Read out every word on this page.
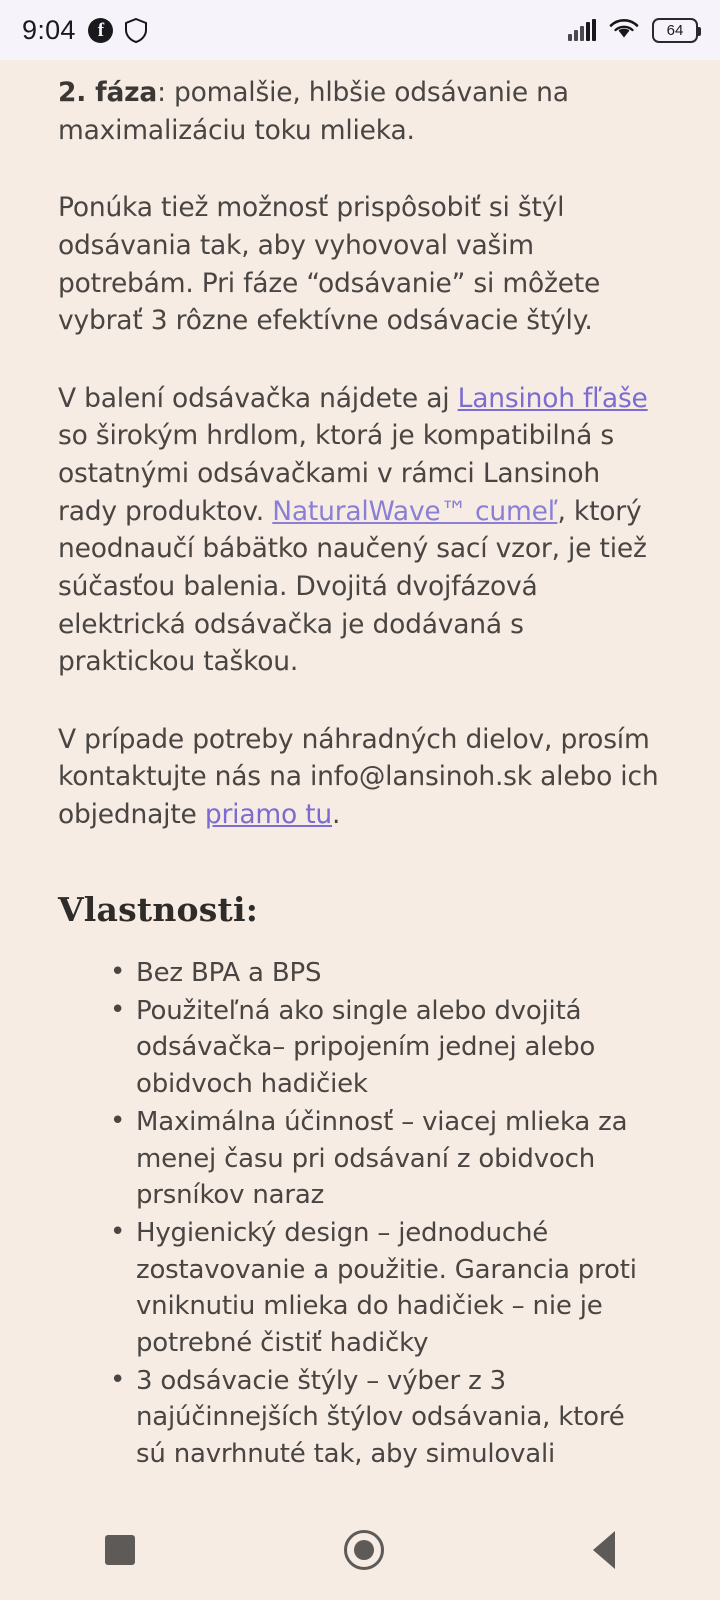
9:04 f	64

2. fáza: pomalšie, hlbšie odsávanie na maximalizáciu toku mlieka.

Ponúka tiež možnosť prispôsobiť si štýl odsávania tak, aby vyhovoval vašim potrebám. Pri fáze “odsávanie” si môžete vybrať 3 rôzne efektívne odsávacie štýly.

V balení odsávačka nájdete aj Lansinoh fľaše so širokým hrdlom, ktorá je kompatibilná s ostatnými odsávačkami v rámci Lansinoh rady produktov. NaturalWave™ cumeľ, ktorý neodnaučí bábätko naučený sací vzor, je tiež súčasťou balenia. Dvojitá dvojfázová elektrická odsávačka je dodávaná s praktickou taškou.

V prípade potreby náhradných dielov, prosím kontaktujte nás na info@lansinoh.sk alebo ich objednajte priamo tu.

Vlastnosti:
• Bez BPA a BPS
• Použiteľná ako single alebo dvojitá odsávačka– pripojením jednej alebo obidvoch hadičiek
• Maximálna účinnosť – viacej mlieka za menej času pri odsávaní z obidvoch prsníkov naraz
• Hygienický design – jednoduché zostavovanie a použitie. Garancia proti vniknutiu mlieka do hadičiek – nie je potrebné čistiť hadičky
• 3 odsávacie štýly – výber z 3 najúčinnejších štýlov odsávania, ktoré sú navrhnuté tak, aby simulovali
